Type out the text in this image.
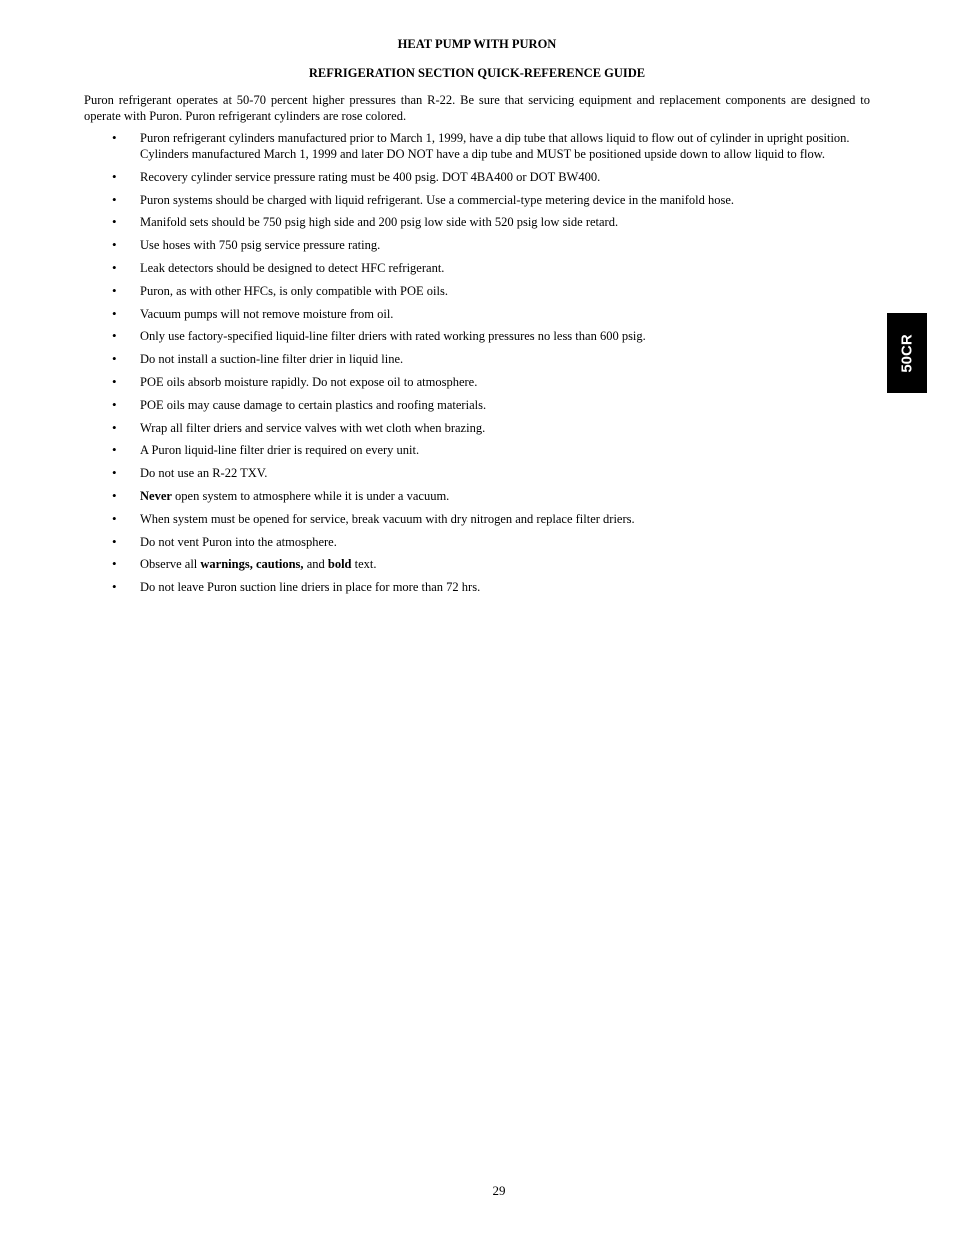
HEAT PUMP WITH PURON
REFRIGERATION SECTION QUICK-REFERENCE GUIDE

Puron refrigerant operates at 50-70 percent higher pressures than R-22. Be sure that servicing equipment and replacement components are designed to operate with Puron. Puron refrigerant cylinders are rose colored.

• Puron refrigerant cylinders manufactured prior to March 1, 1999, have a dip tube that allows liquid to flow out of cylinder in upright position. Cylinders manufactured March 1, 1999 and later DO NOT have a dip tube and MUST be positioned upside down to allow liquid to flow.
• Recovery cylinder service pressure rating must be 400 psig. DOT 4BA400 or DOT BW400.
• Puron systems should be charged with liquid refrigerant. Use a commercial-type metering device in the manifold hose.
• Manifold sets should be 750 psig high side and 200 psig low side with 520 psig low side retard.
• Use hoses with 750 psig service pressure rating.
• Leak detectors should be designed to detect HFC refrigerant.
• Puron, as with other HFCs, is only compatible with POE oils.
• Vacuum pumps will not remove moisture from oil.
• Only use factory-specified liquid-line filter driers with rated working pressures no less than 600 psig.
• Do not install a suction-line filter drier in liquid line.
• POE oils absorb moisture rapidly. Do not expose oil to atmosphere.
• POE oils may cause damage to certain plastics and roofing materials.
• Wrap all filter driers and service valves with wet cloth when brazing.
• A Puron liquid-line filter drier is required on every unit.
• Do not use an R-22 TXV.
• Never open system to atmosphere while it is under a vacuum.
• When system must be opened for service, break vacuum with dry nitrogen and replace filter driers.
• Do not vent Puron into the atmosphere.
• Observe all warnings, cautions, and bold text.
• Do not leave Puron suction line driers in place for more than 72 hrs.
50CR
29
